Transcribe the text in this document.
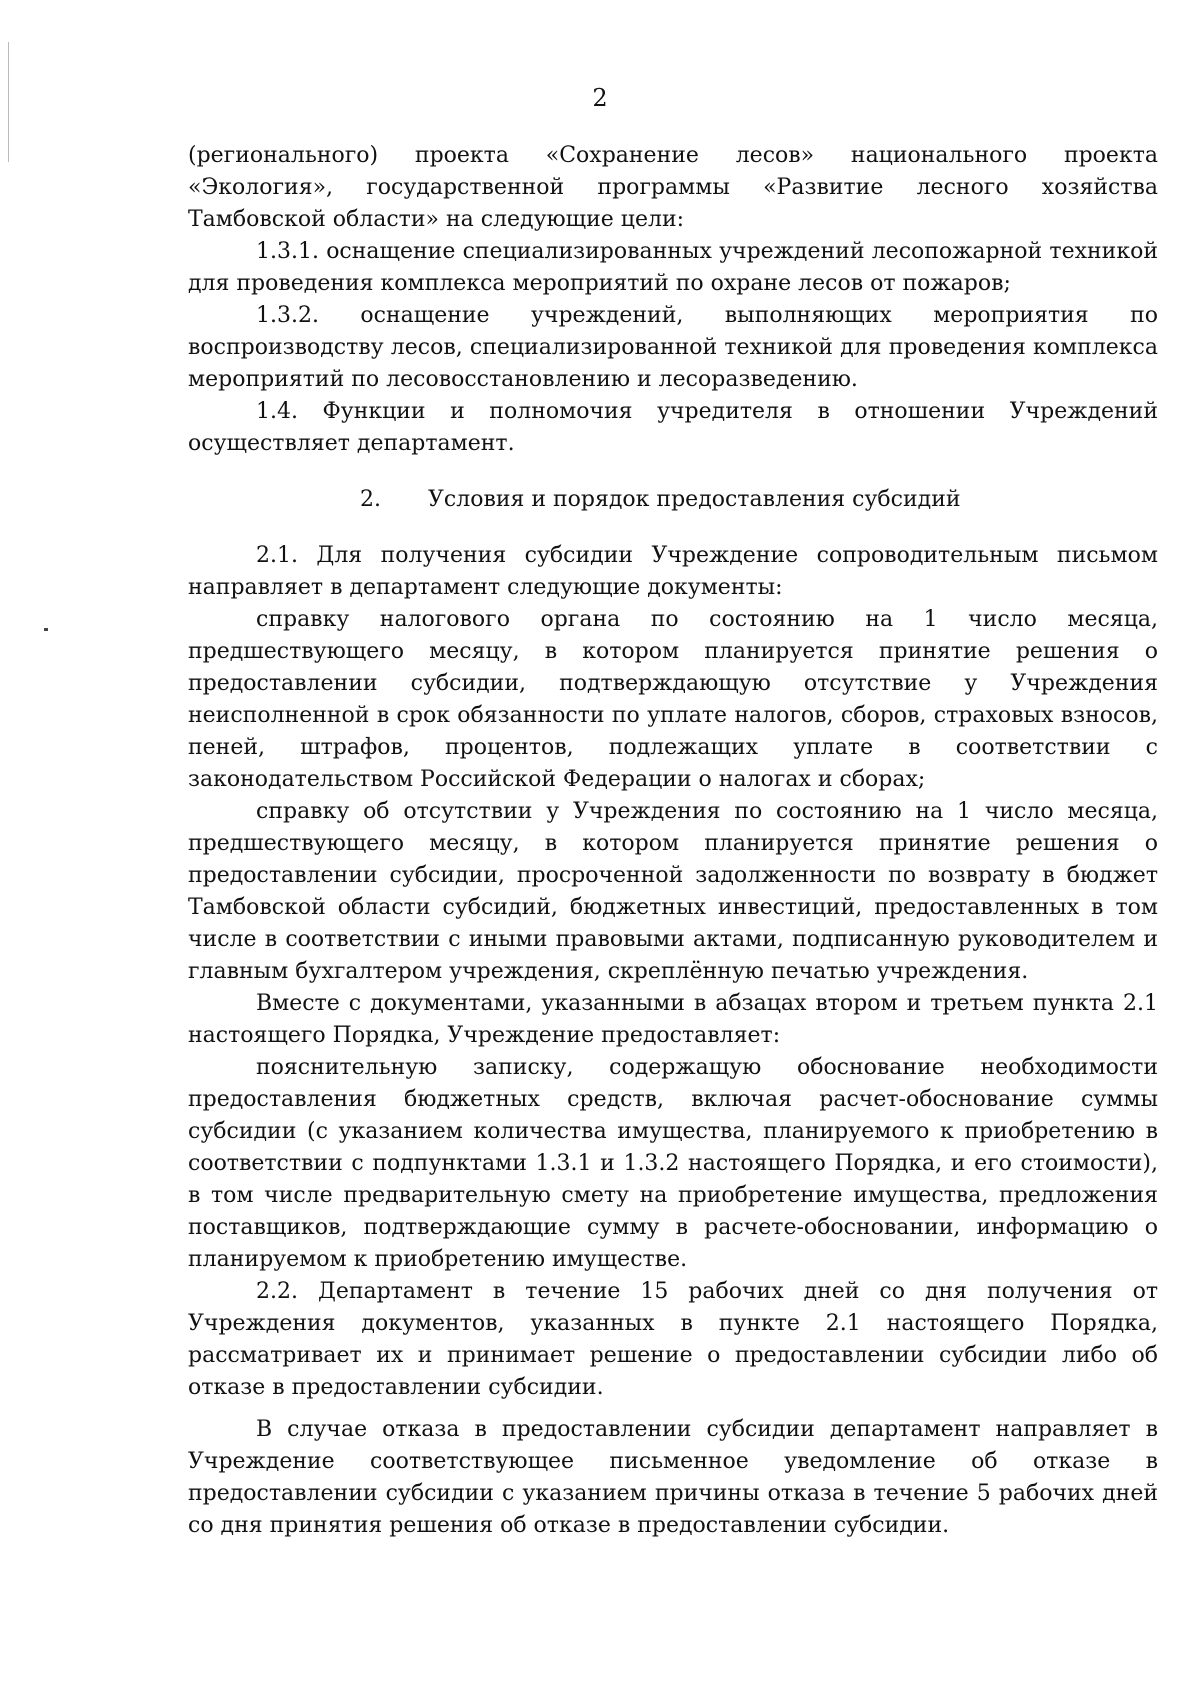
2

(регионального) проекта «Сохранение лесов» национального проекта «Экология», государственной программы «Развитие лесного хозяйства Тамбовской области» на следующие цели:

1.3.1. оснащение специализированных учреждений лесопожарной техникой для проведения комплекса мероприятий по охране лесов от пожаров;

1.3.2. оснащение учреждений, выполняющих мероприятия по воспроизводству лесов, специализированной техникой для проведения комплекса мероприятий по лесовосстановлению и лесоразведению.

1.4. Функции и полномочия учредителя в отношении Учреждений осуществляет департамент.

2. Условия и порядок предоставления субсидий

2.1. Для получения субсидии Учреждение сопроводительным письмом направляет в департамент следующие документы:

справку налогового органа по состоянию на 1 число месяца, предшествующего месяцу, в котором планируется принятие решения о предоставлении субсидии, подтверждающую отсутствие у Учреждения неисполненной в срок обязанности по уплате налогов, сборов, страховых взносов, пеней, штрафов, процентов, подлежащих уплате в соответствии с законодательством Российской Федерации о налогах и сборах;

справку об отсутствии у Учреждения по состоянию на 1 число месяца, предшествующего месяцу, в котором планируется принятие решения о предоставлении субсидии, просроченной задолженности по возврату в бюджет Тамбовской области субсидий, бюджетных инвестиций, предоставленных в том числе в соответствии с иными правовыми актами, подписанную руководителем и главным бухгалтером учреждения, скреплённую печатью учреждения.

Вместе с документами, указанными в абзацах втором и третьем пункта 2.1 настоящего Порядка, Учреждение предоставляет:

пояснительную записку, содержащую обоснование необходимости предоставления бюджетных средств, включая расчет-обоснование суммы субсидии (с указанием количества имущества, планируемого к приобретению в соответствии с подпунктами 1.3.1 и 1.3.2 настоящего Порядка, и его стоимости), в том числе предварительную смету на приобретение имущества, предложения поставщиков, подтверждающие сумму в расчете-обосновании, информацию о планируемом к приобретению имуществе.

2.2. Департамент в течение 15 рабочих дней со дня получения от Учреждения документов, указанных в пункте 2.1 настоящего Порядка, рассматривает их и принимает решение о предоставлении субсидии либо об отказе в предоставлении субсидии.

В случае отказа в предоставлении субсидии департамент направляет в Учреждение соответствующее письменное уведомление об отказе в предоставлении субсидии с указанием причины отказа в течение 5 рабочих дней со дня принятия решения об отказе в предоставлении субсидии.
